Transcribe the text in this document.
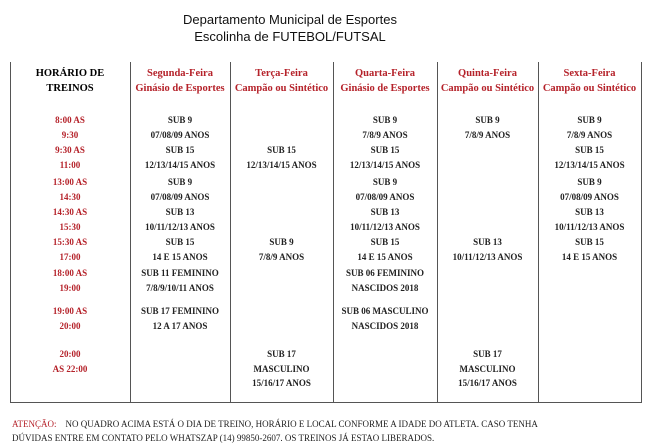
Departamento Municipal de Esportes
Escolinha de FUTEBOL/FUTSAL
HORÁRIO DE
TREINOS
Segunda-Feira
Ginásio de Esportes
Terça-Feira
Campão ou Sintético
Quarta-Feira
Ginásio de Esportes
Quinta-Feira
Campão ou Sintético
Sexta-Feira
Campão ou Sintético
8:00 AS
9:30
SUB 9
07/08/09 ANOS
SUB 9
7/8/9 ANOS
SUB 9
7/8/9 ANOS
SUB 9
7/8/9 ANOS
9:30 AS
11:00
SUB 15
12/13/14/15 ANOS
SUB 15
12/13/14/15 ANOS
SUB 15
12/13/14/15 ANOS
SUB 15
12/13/14/15 ANOS
13:00 AS
14:30
SUB 9
07/08/09 ANOS
SUB 9
07/08/09 ANOS
SUB 9
07/08/09 ANOS
14:30 AS
15:30
SUB 13
10/11/12/13 ANOS
SUB 13
10/11/12/13 ANOS
SUB 13
10/11/12/13 ANOS
15:30 AS
17:00
SUB 15
14 E 15 ANOS
SUB 9
7/8/9 ANOS
SUB 15
14 E 15 ANOS
SUB 13
10/11/12/13 ANOS
SUB 15
14 E 15 ANOS
18:00 AS
19:00
SUB 11 FEMININO
7/8/9/10/11 ANOS
SUB 06 FEMININO
NASCIDOS 2018
19:00 AS
20:00
SUB 17 FEMININO
12 A 17 ANOS
SUB 06 MASCULINO
NASCIDOS 2018
20:00
AS 22:00
SUB 17
MASCULINO
15/16/17 ANOS
SUB 17
MASCULINO
15/16/17 ANOS
ATENÇÃO: NO QUADRO ACIMA ESTÁ O DIA DE TREINO, HORÁRIO E LOCAL CONFORME A IDADE DO ATLETA. CASO TENHA
DÚVIDAS ENTRE EM CONTATO PELO WHATSZAP (14) 99850-2607. OS TREINOS JÁ ESTAO LIBERADOS.
